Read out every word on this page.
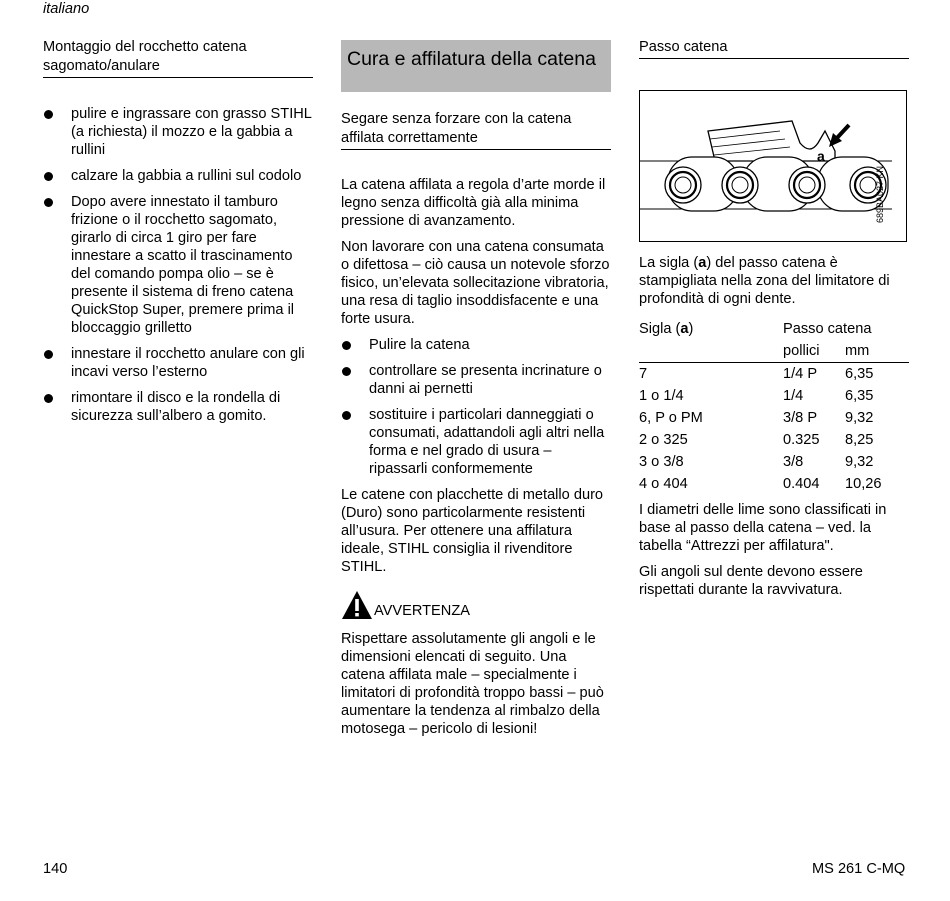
italiano
Montaggio del rocchetto catena sagomato/anulare
pulire e ingrassare con grasso STIHL (a richiesta) il mozzo e la gabbia a rullini
calzare la gabbia a rullini sul codolo
Dopo avere innestato il tamburo frizione o il rocchetto sagomato, girarlo di circa 1 giro per fare innestare a scatto il trascinamento del comando pompa olio – se è presente il sistema di freno catena QuickStop Super, premere prima il bloccaggio grilletto
innestare il rocchetto anulare con gli incavi verso l’esterno
rimontare il disco e la rondella di sicurezza sull’albero a gomito.
Cura e affilatura della catena
Segare senza forzare con la catena affilata correttamente

La catena affilata a regola d’arte morde il legno senza difficoltà già alla minima pressione di avanzamento.

Non lavorare con una catena consumata o difettosa – ciò causa un notevole sforzo fisico, un’elevata sollecitazione vibratoria, una resa di taglio insoddisfacente e una forte usura.

Pulire la catena
controllare se presenta incrinature o danni ai pernetti
sostituire i particolari danneggiati o consumati, adattandoli agli altri nella forma e nel grado di usura – ripassarli conformemente

Le catene con placchette di metallo duro (Duro) sono particolarmente resistenti all’usura. Per ottenere una affilatura ideale, STIHL consiglia il rivenditore STIHL.

AVVERTENZA

Rispettare assolutamente gli angoli e le dimensioni elencati di seguito. Una catena affilata male – specialmente i limitatori di profondità troppo bassi – può aumentare la tendenza al rimbalzo della motosega – pericolo di lesioni!

Passo catena
a
689BA027 KN

La sigla (a) del passo catena è stampigliata nella zona del limitatore di profondità di ogni dente.

Sigla (a)	Passo catena	
	pollici	mm
7	1/4 P	6,35
1 o 1/4	1/4	6,35
6, P o PM	3/8 P	9,32
2 o 325	0.325	8,25
3 o 3/8	3/8	9,32
4 o 404	0.404	10,26

I diametri delle lime sono classificati in base al passo della catena – ved. la tabella “Attrezzi per affilatura".

Gli angoli sul dente devono essere rispettati durante la ravvivatura.

140	MS 261 C-MQ
